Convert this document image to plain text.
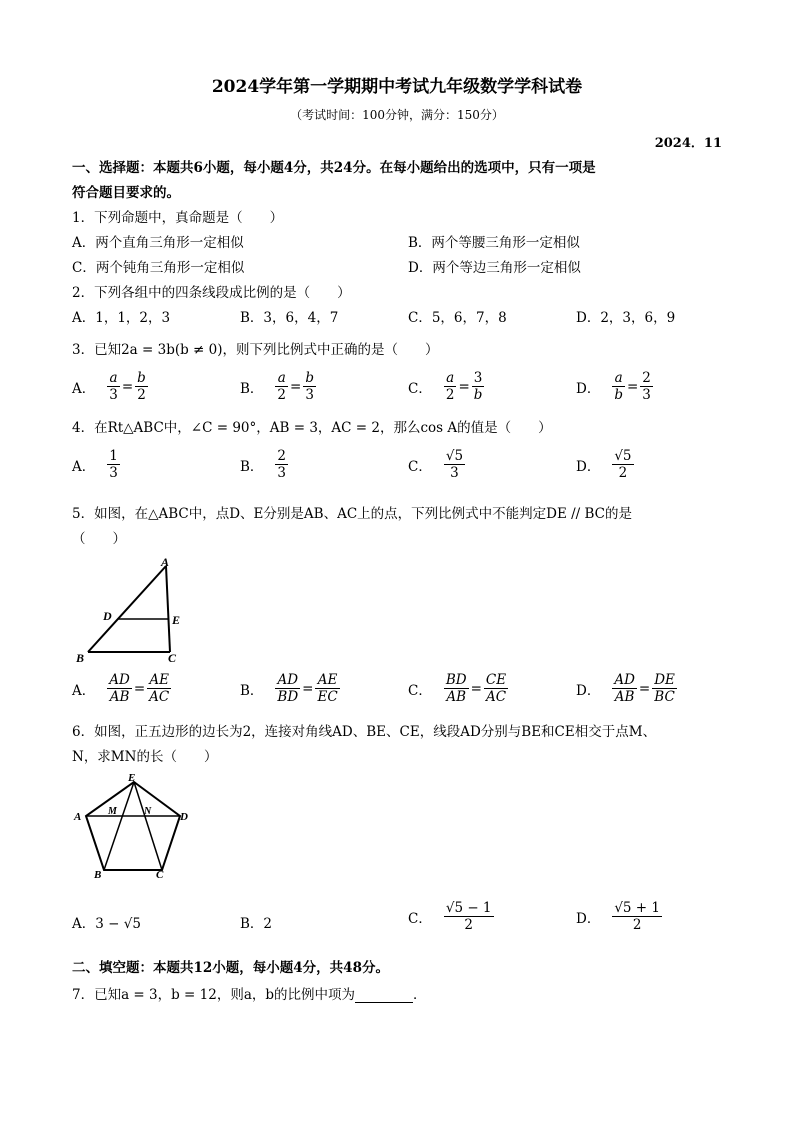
2024学年第一学期期中考试九年级数学学科试卷
（考试时间：100分钟，满分：150分）
2024．11
一、选择题：本题共6小题，每小题4分，共24分。在每小题给出的选项中，只有一项是
符合题目要求的。
1．下列命题中，真命题是（　　）
A．两个直角三角形一定相似	B．两个等腰三角形一定相似
C．两个钝角三角形一定相似	D．两个等边三角形一定相似
2．下列各组中的四条线段成比例的是（　　）
A．1，1，2，3	B．3，6，4，7	C．5，6，7，8	D．2，3，6，9
3．已知2a = 3b(b ≠ 0)，则下列比例式中正确的是（　　）
A． $\frac{a}{3} = \frac{b}{2}$	B． $\frac{a}{2} = \frac{b}{3}$	C． $\frac{a}{2} = \frac{3}{b}$	D． $\frac{a}{b} = \frac{2}{3}$
4．在Rt△ABC中，∠C = 90°，AB = 3，AC = 2，那么cos A的值是（　　）
A． $\frac{1}{3}$	B． $\frac{2}{3}$	C． $\frac{√5}{3}$	D． $\frac{√5}{2}$
5．如图，在△ABC中，点D、E分别是AB、AC上的点，下列比例式中不能判定DE // BC的是
（　　）
A
B	C
D	E
A． $\frac{AD}{AB} = \frac{AE}{AC}$	B． $\frac{AD}{BD} = \frac{AE}{EC}$	C． $\frac{BD}{AB} = \frac{CE}{AC}$	D． $\frac{AD}{AB} = \frac{DE}{BC}$
6．如图，正五边形的边长为2，连接对角线AD、BE、CE，线段AD分别与BE和CE相交于点M、
N，求MN的长（　　）
E
A	D
B	C
M	N
A．3 − √5	B．2	C． $\frac{√5 - 1}{2}$	D． $\frac{√5 + 1}{2}$
二、填空题：本题共12小题，每小题4分，共48分。
7．已知a = 3，b = 12，则a，b的比例中项为	．
